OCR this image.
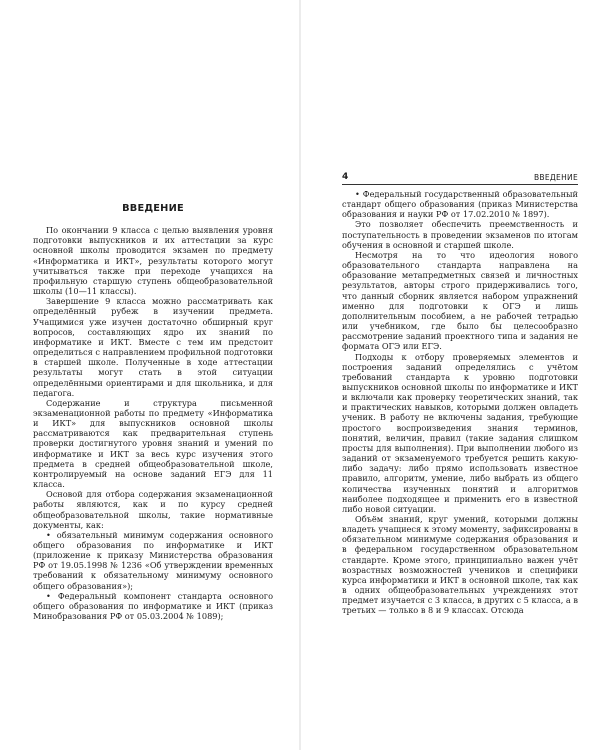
ВВЕДЕНИЕ

По окончании 9 класса с целью выявления уровня подготовки выпускников и их аттестации за курс основной школы проводится экзамен по предмету «Информатика и ИКТ», результаты которого могут учитываться также при переходе учащихся на профильную старшую ступень общеобразовательной школы (10—11 классы).

Завершение 9 класса можно рассматривать как определённый рубеж в изучении предмета. Учащимися уже изучен достаточно обширный круг вопросов, составляющих ядро их знаний по информатике и ИКТ. Вместе с тем им предстоит определиться с направлением профильной подготовки в старшей школе. Полученные в ходе аттестации результаты могут стать в этой ситуации определёнными ориентирами и для школьника, и для педагога.

Содержание и структура письменной экзаменационной работы по предмету «Информатика и ИКТ» для выпускников основной школы рассматриваются как предварительная ступень проверки достигнутого уровня знаний и умений по информатике и ИКТ за весь курс изучения этого предмета в средней общеобразовательной школе, контролируемый на основе заданий ЕГЭ для 11 класса.

Основой для отбора содержания экзаменационной работы являются, как и по курсу средней общеобразовательной школы, такие нормативные документы, как:

• обязательный минимум содержания основного общего образования по информатике и ИКТ (приложение к приказу Министерства образования РФ от 19.05.1998 № 1236 «Об утверждении временных требований к обязательному минимуму основного общего образования»);

• Федеральный компонент стандарта основного общего образования по информатике и ИКТ (приказ Минобразования РФ от 05.03.2004 № 1089);

4	ВВЕДЕНИЕ

• Федеральный государственный образовательный стандарт общего образования (приказ Министерства образования и науки РФ от 17.02.2010 № 1897).

Это позволяет обеспечить преемственность и поступательность в проведении экзаменов по итогам обучения в основной и старшей школе.

Несмотря на то что идеология нового образовательного стандарта направлена на образование метапредметных связей и личностных результатов, авторы строго придерживались того, что данный сборник является набором упражнений именно для подготовки к ОГЭ и лишь дополнительным пособием, а не рабочей тетрадью или учебником, где было бы целесообразно рассмотрение заданий проектного типа и задания не формата ОГЭ или ЕГЭ.

Подходы к отбору проверяемых элементов и построения заданий определялись с учётом требований стандарта к уровню подготовки выпускников основной школы по информатике и ИКТ и включали как проверку теоретических знаний, так и практических навыков, которыми должен овладеть ученик. В работу не включены задания, требующие простого воспроизведения знания терминов, понятий, величин, правил (такие задания слишком просты для выполнения). При выполнении любого из заданий от экзаменуемого требуется решить какую-либо задачу: либо прямо использовать известное правило, алгоритм, умение, либо выбрать из общего количества изученных понятий и алгоритмов наиболее подходящее и применить его в известной либо новой ситуации.

Объём знаний, круг умений, которыми должны владеть учащиеся к этому моменту, зафиксированы в обязательном минимуме содержания образования и в федеральном государственном образовательном стандарте. Кроме этого, принципиально важен учёт возрастных возможностей учеников и специфики курса информатики и ИКТ в основной школе, так как в одних общеобразовательных учреждениях этот предмет изучается с 3 класса, в других с 5 класса, а в третьих — только в 8 и 9 классах. Отсюда
